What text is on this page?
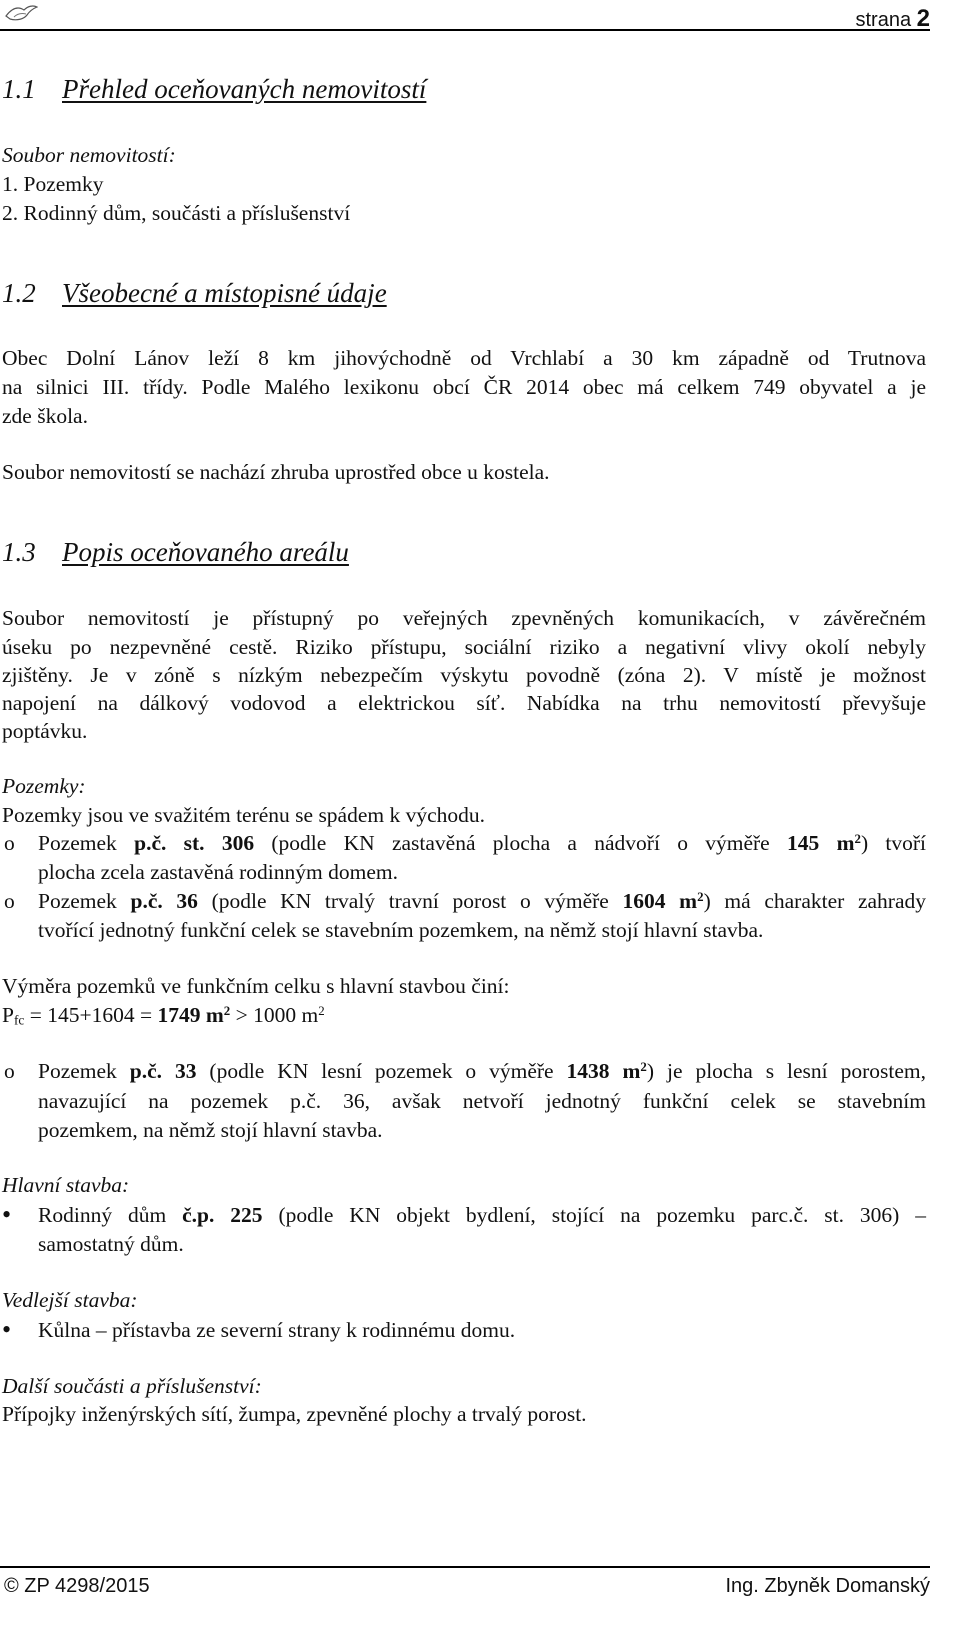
strana 2
1.1 Přehled oceňovaných nemovitostí
Soubor nemovitostí:
1. Pozemky
2. Rodinný dům, součásti a příslušenství
1.2 Všeobecné a místopisné údaje
Obec Dolní Lánov leží 8 km jihovýchodně od Vrchlabí a 30 km západně od Trutnova
na silnici III. třídy. Podle Malého lexikonu obcí ČR 2014 obec má celkem 749 obyvatel a je
zde škola.
Soubor nemovitostí se nachází zhruba uprostřed obce u kostela.
1.3 Popis oceňovaného areálu
Soubor nemovitostí je přístupný po veřejných zpevněných komunikacích, v závěrečném
úseku po nezpevněné cestě. Riziko přístupu, sociální riziko a negativní vlivy okolí nebyly
zjištěny. Je v zóně s nízkým nebezpečím výskytu povodně (zóna 2). V místě je možnost
napojení na dálkový vodovod a elektrickou síť. Nabídka na trhu nemovitostí převyšuje
poptávku.
Pozemky:
Pozemky jsou ve svažitém terénu se spádem k východu.
o Pozemek p.č. st. 306 (podle KN zastavěná plocha a nádvoří o výměře 145 $m^2$) tvoří
plocha zcela zastavěná rodinným domem.
o Pozemek p.č. 36 (podle KN trvalý travní porost o výměře 1604 $m^2$) má charakter zahrady
tvořící jednotný funkční celek se stavebním pozemkem, na němž stojí hlavní stavba.
Výměra pozemků ve funkčním celku s hlavní stavbou činí:
$P_{fc} = 145+1604 = 1749$ $m^2 > 1000$ $m^2$
o Pozemek p.č. 33 (podle KN lesní pozemek o výměře 1438 $m^2$) je plocha s lesní porostem,
navazující na pozemek p.č. 36, avšak netvoří jednotný funkční celek se stavebním
pozemkem, na němž stojí hlavní stavba.
Hlavní stavba:
• Rodinný dům č.p. 225 (podle KN objekt bydlení, stojící na pozemku parc.č. st. 306) –
samostatný dům.
Vedlejší stavba:
• Kůlna – přístavba ze severní strany k rodinnému domu.
Další součásti a příslušenství:
Přípojky inženýrských sítí, žumpa, zpevněné plochy a trvalý porost.
© ZP 4298/2015	Ing. Zbyněk Domanský
